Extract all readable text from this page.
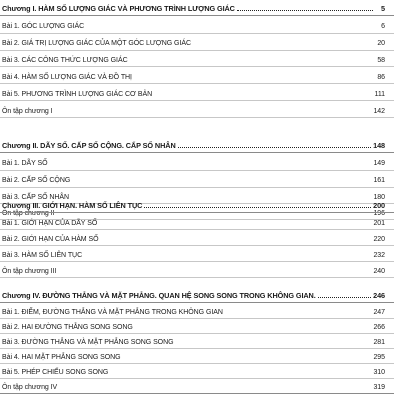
Chương I. HÀM SỐ LƯỢNG GIÁC VÀ PHƯƠNG TRÌNH LƯỢNG GIÁC	5
Bài 1. GÓC LƯỢNG GIÁC	6
Bài 2. GIÁ TRỊ LƯỢNG GIÁC CỦA MỘT GÓC LƯỢNG GIÁC	20
Bài 3. CÁC CÔNG THỨC LƯỢNG GIÁC	58
Bài 4. HÀM SỐ LƯỢNG GIÁC VÀ ĐỒ THỊ	86
Bài 5. PHƯƠNG TRÌNH LƯỢNG GIÁC CƠ BẢN	111
Ôn tập chương I	142
Chương II. DÃY SỐ. CẤP SỐ CỘNG. CẤP SỐ NHÂN	148
Bài 1. DÃY SỐ	149
Bài 2. CẤP SỐ CỘNG	161
Bài 3. CẤP SỐ NHÂN	180
Ôn tập chương II	196
Chương III. GIỚI HẠN. HÀM SỐ LIÊN TỤC	200
Bài 1. GIỚI HẠN CỦA DÃY SỐ	201
Bài 2. GIỚI HẠN CỦA HÀM SỐ	220
Bài 3. HÀM SỐ LIÊN TỤC	232
Ôn tập chương III	240
Chương IV. ĐƯỜNG THẲNG VÀ MẶT PHẲNG. QUAN HỆ SONG SONG TRONG KHÔNG GIAN.	246
Bài 1. ĐIỂM, ĐƯỜNG THẲNG VÀ MẶT PHẲNG TRONG KHÔNG GIAN	247
Bài 2. HAI ĐƯỜNG THẲNG SONG SONG	266
Bài 3. ĐƯỜNG THẲNG VÀ MẶT PHẲNG SONG SONG	281
Bài 4. HAI MẶT PHẲNG SONG SONG	295
Bài 5. PHÉP CHIẾU SONG SONG	310
Ôn tập chương IV	319
